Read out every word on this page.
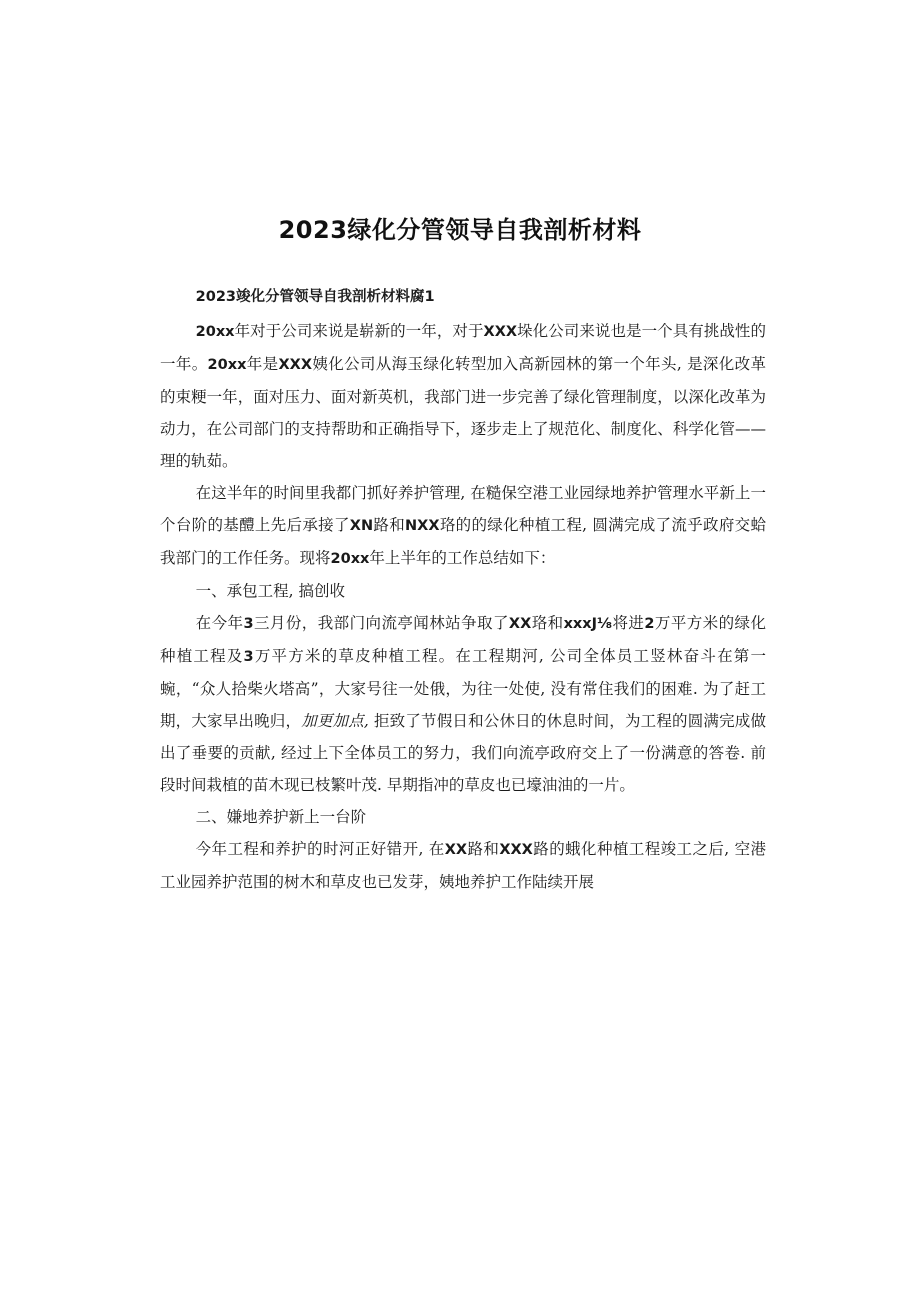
2023绿化分管领导自我剖析材料

2023竣化分管领导自我剖析材料腐1

20xx年对于公司来说是崭新的一年，对于XXX垛化公司来说也是一个具有挑战性的一年。20xx年是XXX姨化公司从海玉绿化转型加入高新园林的第一个年头, 是深化改革的束粳一年，面对压力、面对新英机，我部门进一步完善了绿化管理制度，以深化改革为动力，在公司部门的支持帮助和正确指导下，逐步走上了规范化、制度化、科学化管——理的轨茹。

在这半年的时间里我都门抓好养护管理, 在糙保空港工业园绿地养护管理水平新上一个台阶的基醴上先后承接了XN路和NXX珞的的绿化种植工程, 圆满完成了流乎政府交蛤我部门的工作任务。现将20xx年上半年的工作总结如下：

一、承包工程, 搞创收

在今年3三月份，我部门向流亭闻林站争取了XX珞和xxxJ⅛将进2万平方米的绿化种植工程及3万平方米的草皮种植工程。在工程期河, 公司全体员工竖林奋斗在第一蜿，“众人拾柴火塔高”，大家号往一处俄，为往一处使, 没有常住我们的困难. 为了赶工期，大家早出晚归，加更加点, 拒致了节假日和公休日的休息时间，为工程的圆满完成做出了垂要的贡献, 经过上下全体员工的努力，我们向流亭政府交上了一份满意的答卷. 前段时间栽植的苗木现已枝繁叶茂. 早期指冲的草皮也已壕油油的一片。

二、嫌地养护新上一台阶

今年工程和养护的时河正好错开, 在XX路和XXX路的蛾化种植工程竣工之后, 空港工业园养护范围的树木和草皮也已发芽，姨地养护工作陆续开展
